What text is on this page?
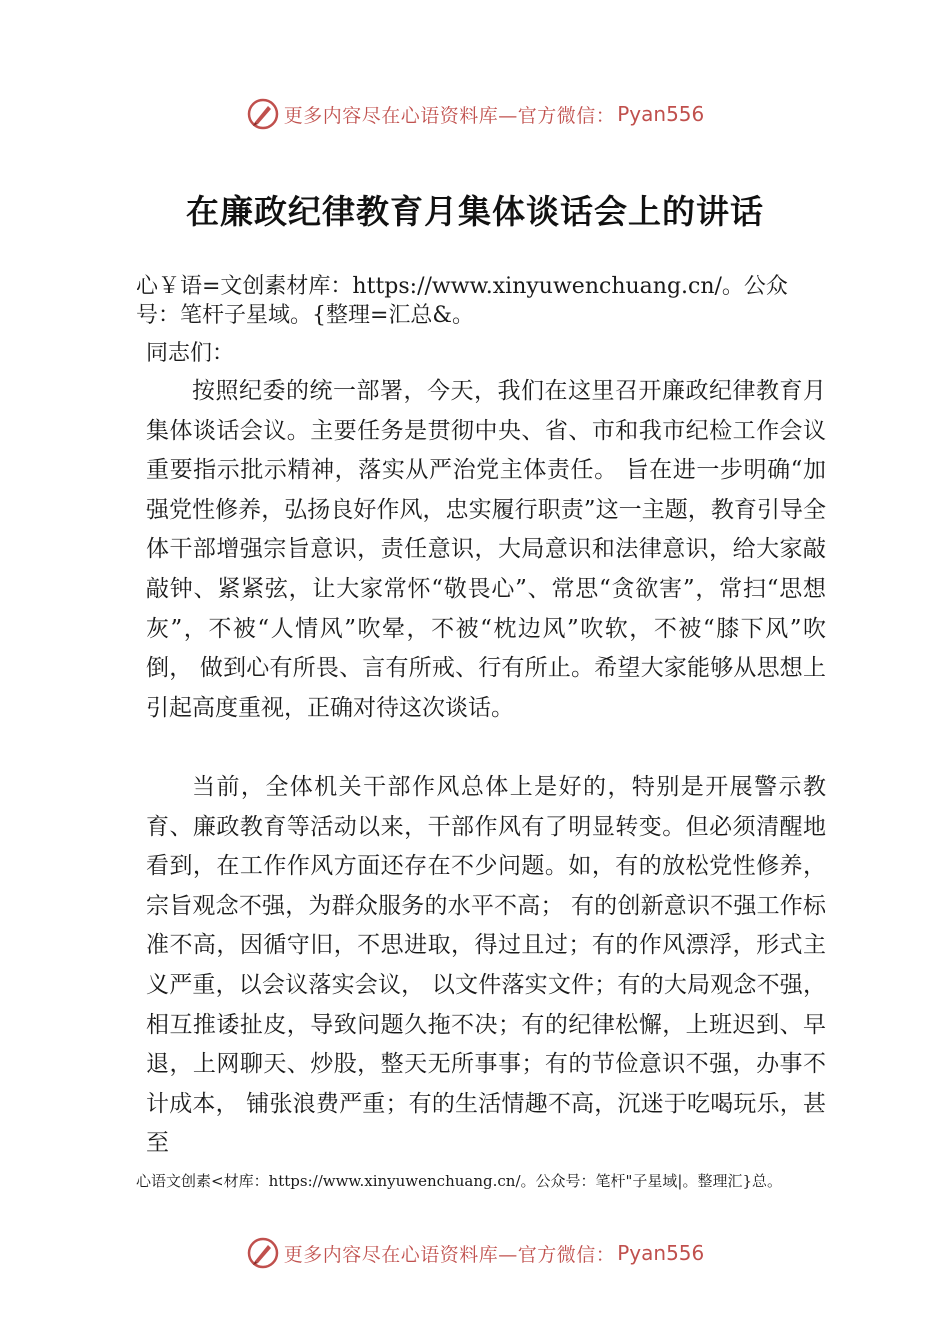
更多内容尽在心语资料库—官方微信： Pyan556
在廉政纪律教育月集体谈话会上的讲话
心￥语=文创素材库：https://www.xinyuwenchuang.cn/。公众号：笔杆子星域。{整理=汇总&。
同志们：
按照纪委的统一部署，今天，我们在这里召开廉政纪律教育月集体谈话会议。主要任务是贯彻中央、省、市和我市纪检工作会议重要指示批示精神，落实从严治党主体责任。 旨在进一步明确“加强党性修养，弘扬良好作风，忠实履行职责”这一主题，教育引导全体干部增强宗旨意识，责任意识，大局意识和法律意识，给大家敲敲钟、紧紧弦，让大家常怀“敬畏心”、常思“贪欲害”，常扫“思想灰”，不被“人情风”吹晕，不被“枕边风”吹软，不被“膝下风”吹倒， 做到心有所畏、言有所戒、行有所止。希望大家能够从思想上引起高度重视，正确对待这次谈话。
当前，全体机关干部作风总体上是好的，特别是开展警示教育、廉政教育等活动以来，干部作风有了明显转变。但必须清醒地看到，在工作作风方面还存在不少问题。如，有的放松党性修养，宗旨观念不强，为群众服务的水平不高； 有的创新意识不强工作标准不高，因循守旧，不思进取，得过且过；有的作风漂浮，形式主义严重，以会议落实会议， 以文件落实文件；有的大局观念不强，相互推诿扯皮，导致问题久拖不决；有的纪律松懈，上班迟到、早退，上网聊天、炒股，整天无所事事；有的节俭意识不强，办事不计成本， 铺张浪费严重；有的生活情趣不高，沉迷于吃喝玩乐，甚至
心语文创素<材库：https://www.xinyuwenchuang.cn/。公众号：笔杆"子星域|。整理汇}总。
更多内容尽在心语资料库—官方微信： Pyan556
